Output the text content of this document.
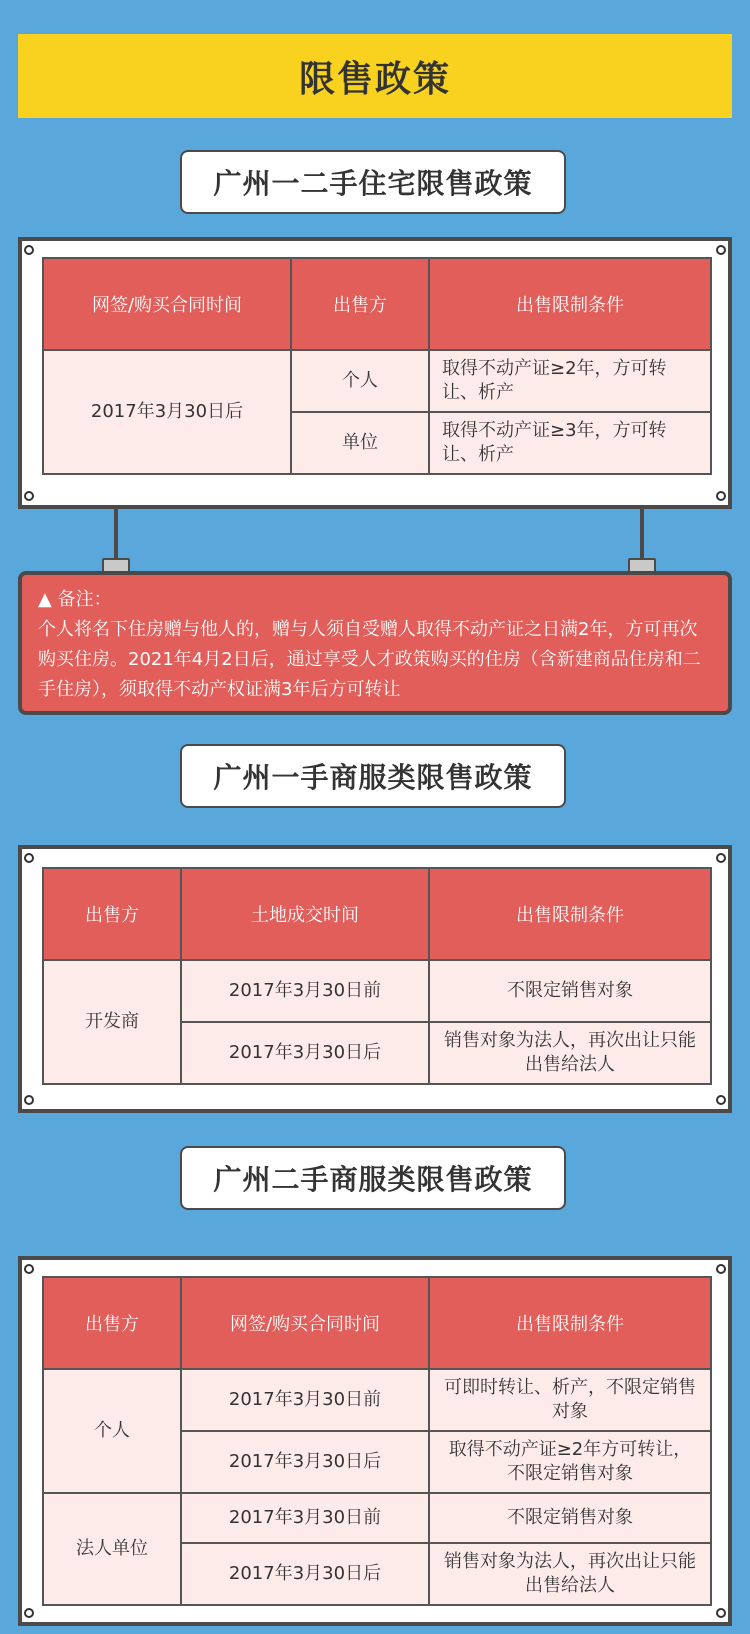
限售政策
广州一二手住宅限售政策
网签/购买合同时间	出售方	出售限制条件
2017年3月30日后	个人	取得不动产证≥2年，方可转让、析产
	单位	取得不动产证≥3年，方可转让、析产
▲ 备注：
个人将名下住房赠与他人的，赠与人须自受赠人取得不动产证之日满2年，方可再次购买住房。2021年4月2日后，通过享受人才政策购买的住房（含新建商品住房和二手住房），须取得不动产权证满3年后方可转让
广州一手商服类限售政策
出售方	土地成交时间	出售限制条件
开发商	2017年3月30日前	不限定销售对象
	2017年3月30日后	销售对象为法人，再次出让只能出售给法人
广州二手商服类限售政策
出售方	网签/购买合同时间	出售限制条件
个人	2017年3月30日前	可即时转让、析产，不限定销售对象
	2017年3月30日后	取得不动产证≥2年方可转让，不限定销售对象
法人单位	2017年3月30日前	不限定销售对象
	2017年3月30日后	销售对象为法人，再次出让只能出售给法人
